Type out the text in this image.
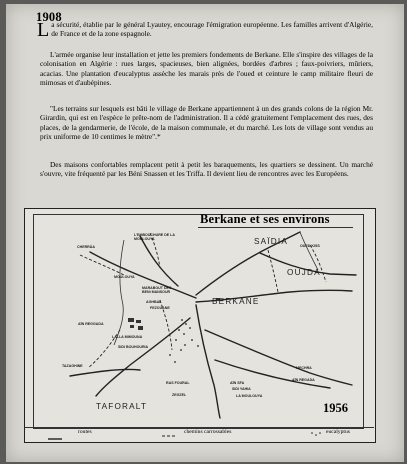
1908
La sécurité, établie par le général Lyautey, encourage l'émigration européenne. Les familles arrivent d'Algérie, de France et de la zone espagnole.
L'armée organise leur installation et jette les premiers fondements de Berkane. Elle s'inspire des villages de la colonisation en Algérie : rues larges, spacieuses, bien alignées, bordées d'arbres ; faux-poivriers, mûriers, acacias. Une plantation d'eucalyptus assèche les marais près de l'oued et ceinture le camp militaire fleuri de mimosas et d'aubépines.
"Les terrains sur lesquels est bâti le village de Berkane appartiennent à un des grands colons de la région Mr. Girardin, qui est en l'espèce le prête-nom de l'administration. Il a cédé gratuitement l'emplacement des rues, des places, de la gendarmerie, de l'école, de la maison communale, et du marché. Les lots de village sont vendus au prix uniforme de 10 centimes le mètre".*
Des maisons confortables remplacent petit à petit les baraquements, les quartiers se dessinent. Un marché s'ouvre, vite fréquenté par les Béni Snassen et les Triffa. Il devient lieu de rencontres avec les Européens.
Berkane et ses environs
SAÏDIA
OUJDA
BERKANE
TAFORALT
CHERRÂA
L'EMBOUCHURE DE LA MOULOUYA
MOULOUYA
MARABOUT DES BENI MANSOUR
AGHBAL
FEZOUANE
OUED KISS
AÏN REGGADA
SIDI BOUHOURIA
TAZAGHINE
RAS FOURAL
ZEGZEL
AÏN SFA
SIDI YAHIA
LA MOULOUYA
MECHRA
AÏN REGADA
LALLA MIMOUNA
1956
routes	chemins carrossables	eucalyptus
